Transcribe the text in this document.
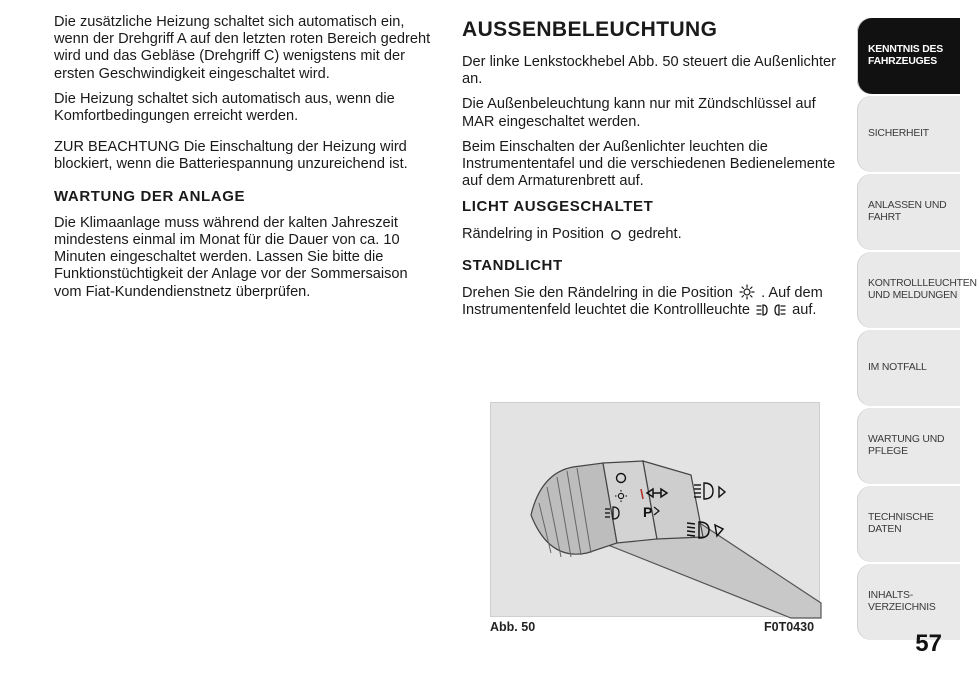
Die zusätzliche Heizung schaltet sich automatisch ein, wenn der Drehgriff A auf den letzten roten Bereich gedreht wird und das Gebläse (Drehgriff C) wenigstens mit der ersten Geschwindigkeit eingeschaltet wird.

Die Heizung schaltet sich automatisch aus, wenn die Komfortbedingungen erreicht werden.

ZUR BEACHTUNG Die Einschaltung der Heizung wird blockiert, wenn die Batteriespannung unzureichend ist.

WARTUNG DER ANLAGE

Die Klimaanlage muss während der kalten Jahreszeit mindestens einmal im Monat für die Dauer von ca. 10 Minuten eingeschaltet werden. Lassen Sie bitte die Funktionstüchtigkeit der Anlage vor der Sommersaison vom Fiat-Kundendienstnetz überprüfen.

AUSSENBELEUCHTUNG

Der linke Lenkstockhebel Abb. 50 steuert die Außenlichter an.

Die Außenbeleuchtung kann nur mit Zündschlüssel auf MAR eingeschaltet werden.

Beim Einschalten der Außenlichter leuchten die Instrumententafel und die verschiedenen Bedienelemente auf dem Armaturenbrett auf.

LICHT AUSGESCHALTET

Rändelring in Position gedreht.

STANDLICHT

Drehen Sie den Rändelring in die Position . Auf dem Instrumentenfeld leuchtet die Kontrollleuchte	auf.

P
Abb. 50	F0T0430
KENNTNIS DES
FAHRZEUGES
SICHERHEIT
ANLASSEN UND
FAHRT
KONTROLLLEUCHTEN
UND MELDUNGEN
IM NOTFALL
WARTUNG UND
PFLEGE
TECHNISCHE DATEN
INHALTS-
VERZEICHNIS
57
